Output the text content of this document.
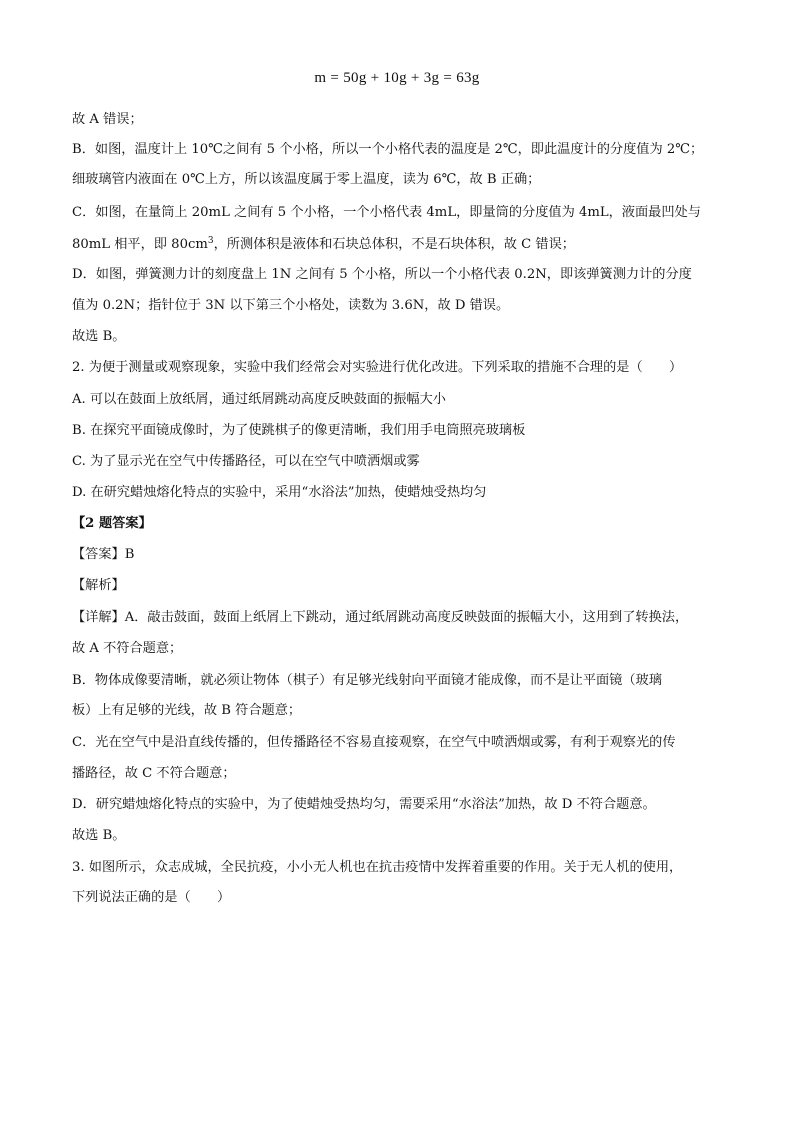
m = 50g + 10g + 3g = 63g
故 A 错误；
B．如图，温度计上 10℃之间有 5 个小格，所以一个小格代表的温度是 2℃，即此温度计的分度值为 2℃；
细玻璃管内液面在 0℃上方，所以该温度属于零上温度，读为 6℃，故 B 正确；
C．如图，在量筒上 20mL 之间有 5 个小格，一个小格代表 4mL，即量筒的分度值为 4mL，液面最凹处与
80mL 相平，即 $80cm^3$，所测体积是液体和石块总体积，不是石块体积，故 C 错误；
D．如图，弹簧测力计的刻度盘上 1N 之间有 5 个小格，所以一个小格代表 0.2N，即该弹簧测力计的分度
值为 0.2N；指针位于 3N 以下第三个小格处，读数为 3.6N，故 D 错误。
故选 B。
2. 为便于测量或观察现象，实验中我们经常会对实验进行优化改进。下列采取的措施不合理的是（　　）
A. 可以在鼓面上放纸屑，通过纸屑跳动高度反映鼓面的振幅大小
B. 在探究平面镜成像时，为了使跳棋子的像更清晰，我们用手电筒照亮玻璃板
C. 为了显示光在空气中传播路径，可以在空气中喷洒烟或雾
D. 在研究蜡烛熔化特点的实验中，采用“水浴法”加热，使蜡烛受热均匀
【2 题答案】
【答案】B
【解析】
【详解】A．敲击鼓面，鼓面上纸屑上下跳动，通过纸屑跳动高度反映鼓面的振幅大小，这用到了转换法，
故 A 不符合题意；
B．物体成像要清晰，就必须让物体（棋子）有足够光线射向平面镜才能成像，而不是让平面镜（玻璃
板）上有足够的光线，故 B 符合题意；
C．光在空气中是沿直线传播的，但传播路径不容易直接观察，在空气中喷洒烟或雾，有利于观察光的传
播路径，故 C 不符合题意；
D．研究蜡烛熔化特点的实验中，为了使蜡烛受热均匀，需要采用“水浴法”加热，故 D 不符合题意。
故选 B。
3. 如图所示，众志成城，全民抗疫，小小无人机也在抗击疫情中发挥着重要的作用。关于无人机的使用，
下列说法正确的是（　　）
